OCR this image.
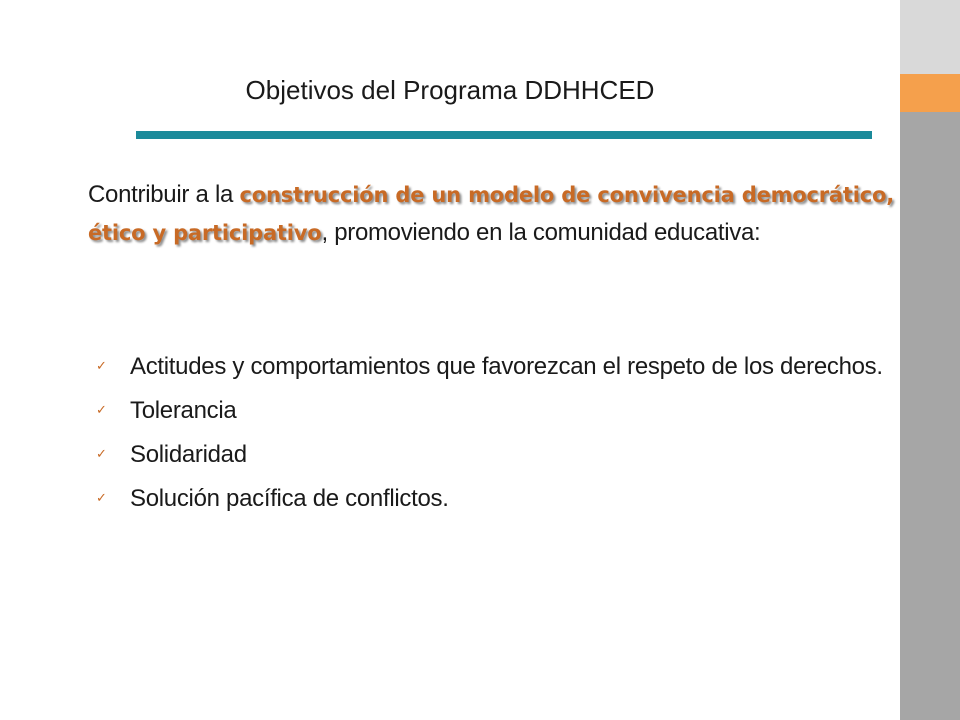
Objetivos del Programa DDHHCED

Contribuir a la construcción de un modelo de convivencia democrático, ético y participativo, promoviendo en la comunidad educativa:

✓ Actitudes y comportamientos que favorezcan el respeto de los derechos.
✓ Tolerancia
✓ Solidaridad
✓ Solución pacífica de conflictos.
